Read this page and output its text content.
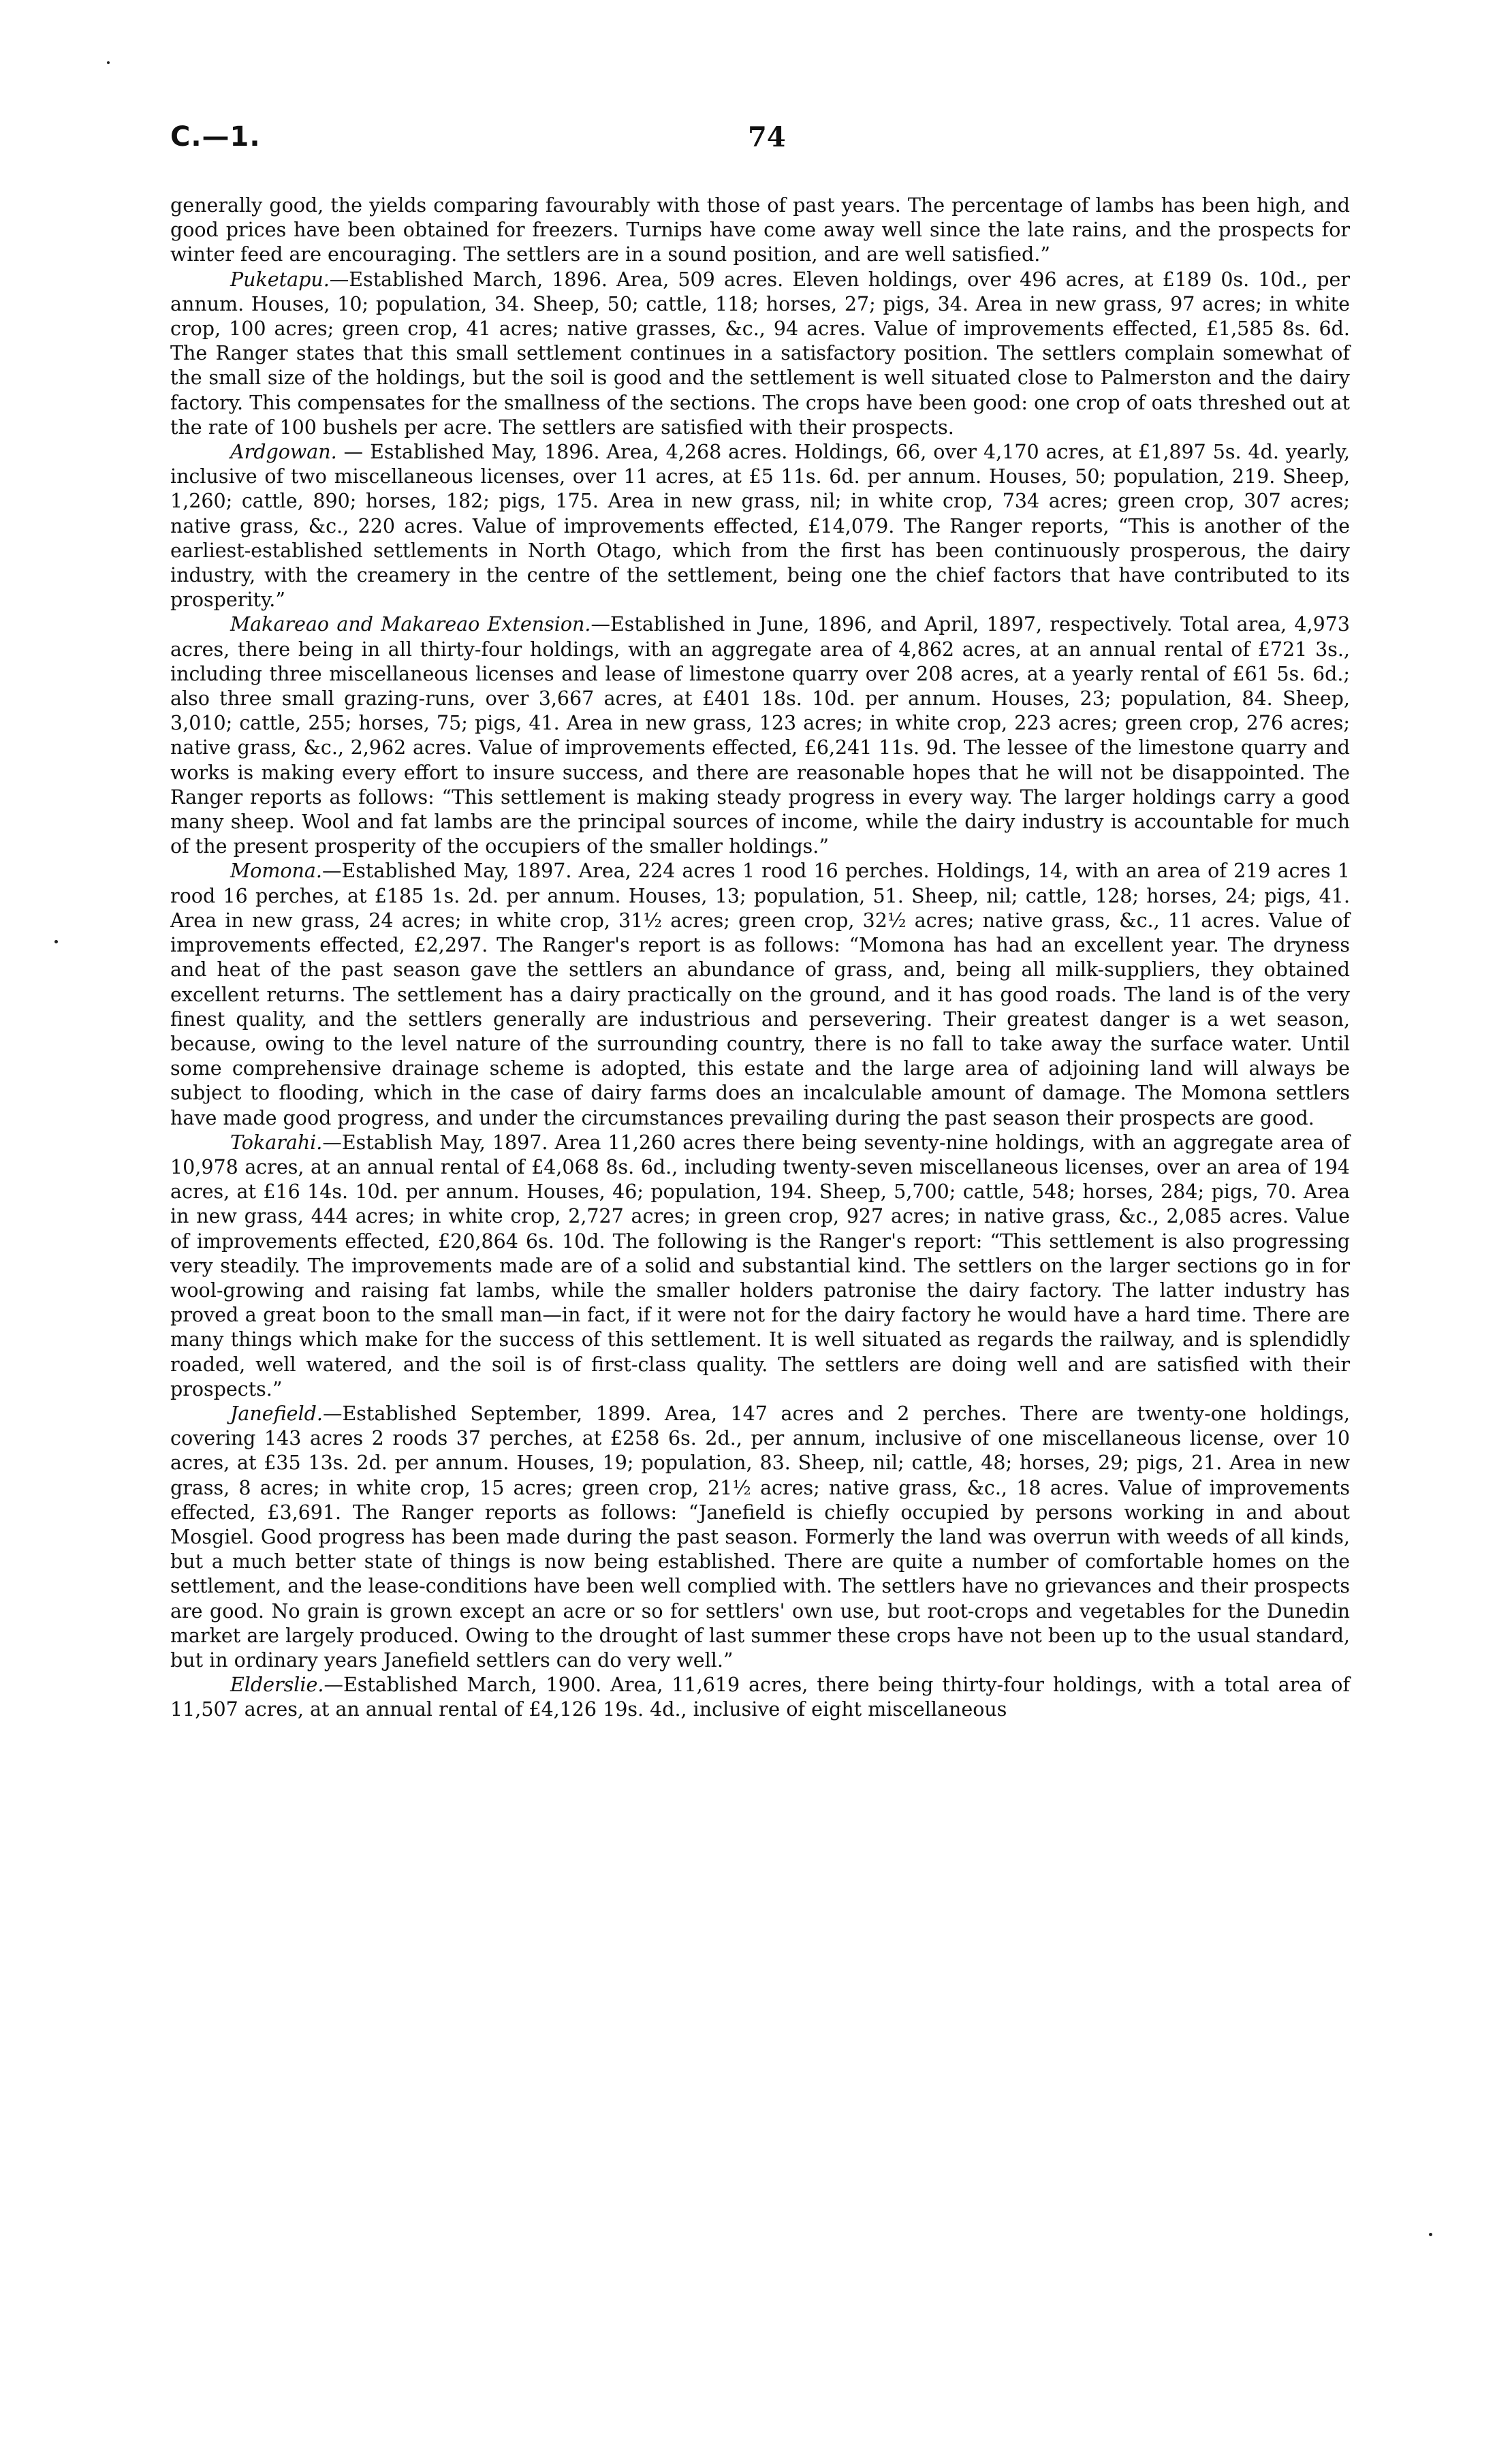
C.—1.	74

generally good, the yields comparing favourably with those of past years. The percentage of lambs has been high, and good prices have been obtained for freezers. Turnips have come away well since the late rains, and the prospects for winter feed are encouraging. The settlers are in a sound position, and are well satisfied.”

Puketapu.—Established March, 1896. Area, 509 acres. Eleven holdings, over 496 acres, at £189 0s. 10d., per annum. Houses, 10; population, 34. Sheep, 50; cattle, 118; horses, 27; pigs, 34. Area in new grass, 97 acres; in white crop, 100 acres; green crop, 41 acres; native grasses, &c., 94 acres. Value of improvements effected, £1,585 8s. 6d. The Ranger states that this small settlement continues in a satisfactory position. The settlers complain somewhat of the small size of the holdings, but the soil is good and the settlement is well situated close to Palmerston and the dairy factory. This compensates for the smallness of the sections. The crops have been good: one crop of oats threshed out at the rate of 100 bushels per acre. The settlers are satisfied with their prospects.

Ardgowan. — Established May, 1896. Area, 4,268 acres. Holdings, 66, over 4,170 acres, at £1,897 5s. 4d. yearly, inclusive of two miscellaneous licenses, over 11 acres, at £5 11s. 6d. per annum. Houses, 50; population, 219. Sheep, 1,260; cattle, 890; horses, 182; pigs, 175. Area in new grass, nil; in white crop, 734 acres; green crop, 307 acres; native grass, &c., 220 acres. Value of improvements effected, £14,079. The Ranger reports, “This is another of the earliest-established settlements in North Otago, which from the first has been continuously prosperous, the dairy industry, with the creamery in the centre of the settlement, being one the chief factors that have contributed to its prosperity.”

Makareao and Makareao Extension.—Established in June, 1896, and April, 1897, respectively. Total area, 4,973 acres, there being in all thirty-four holdings, with an aggregate area of 4,862 acres, at an annual rental of £721 3s., including three miscellaneous licenses and lease of limestone quarry over 208 acres, at a yearly rental of £61 5s. 6d.; also three small grazing-runs, over 3,667 acres, at £401 18s. 10d. per annum. Houses, 23; population, 84. Sheep, 3,010; cattle, 255; horses, 75; pigs, 41. Area in new grass, 123 acres; in white crop, 223 acres; green crop, 276 acres; native grass, &c., 2,962 acres. Value of improvements effected, £6,241 11s. 9d. The lessee of the limestone quarry and works is making every effort to insure success, and there are reasonable hopes that he will not be disappointed. The Ranger reports as follows: “This settlement is making steady progress in every way. The larger holdings carry a good many sheep. Wool and fat lambs are the principal sources of income, while the dairy industry is accountable for much of the present prosperity of the occupiers of the smaller holdings.”

Momona.—Established May, 1897. Area, 224 acres 1 rood 16 perches. Holdings, 14, with an area of 219 acres 1 rood 16 perches, at £185 1s. 2d. per annum. Houses, 13; population, 51. Sheep, nil; cattle, 128; horses, 24; pigs, 41. Area in new grass, 24 acres; in white crop, 31½ acres; green crop, 32½ acres; native grass, &c., 11 acres. Value of improvements effected, £2,297. The Ranger's report is as follows: “Momona has had an excellent year. The dryness and heat of the past season gave the settlers an abundance of grass, and, being all milk-suppliers, they obtained excellent returns. The settlement has a dairy practically on the ground, and it has good roads. The land is of the very finest quality, and the settlers generally are industrious and persevering. Their greatest danger is a wet season, because, owing to the level nature of the surrounding country, there is no fall to take away the surface water. Until some comprehensive drainage scheme is adopted, this estate and the large area of adjoining land will always be subject to flooding, which in the case of dairy farms does an incalculable amount of damage. The Momona settlers have made good progress, and under the circumstances prevailing during the past season their prospects are good.

Tokarahi.—Establish May, 1897. Area 11,260 acres there being seventy-nine holdings, with an aggregate area of 10,978 acres, at an annual rental of £4,068 8s. 6d., including twenty-seven miscellaneous licenses, over an area of 194 acres, at £16 14s. 10d. per annum. Houses, 46; population, 194. Sheep, 5,700; cattle, 548; horses, 284; pigs, 70. Area in new grass, 444 acres; in white crop, 2,727 acres; in green crop, 927 acres; in native grass, &c., 2,085 acres. Value of improvements effected, £20,864 6s. 10d. The following is the Ranger's report: “This settlement is also progressing very steadily. The improvements made are of a solid and substantial kind. The settlers on the larger sections go in for wool-growing and raising fat lambs, while the smaller holders patronise the dairy factory. The latter industry has proved a great boon to the small man—in fact, if it were not for the dairy factory he would have a hard time. There are many things which make for the success of this settlement. It is well situated as regards the railway, and is splendidly roaded, well watered, and the soil is of first-class quality. The settlers are doing well and are satisfied with their prospects.”

Janefield.—Established September, 1899. Area, 147 acres and 2 perches. There are twenty-one holdings, covering 143 acres 2 roods 37 perches, at £258 6s. 2d., per annum, inclusive of one miscellaneous license, over 10 acres, at £35 13s. 2d. per annum. Houses, 19; population, 83. Sheep, nil; cattle, 48; horses, 29; pigs, 21. Area in new grass, 8 acres; in white crop, 15 acres; green crop, 21½ acres; native grass, &c., 18 acres. Value of improvements effected, £3,691. The Ranger reports as follows: “Janefield is chiefly occupied by persons working in and about Mosgiel. Good progress has been made during the past season. Formerly the land was overrun with weeds of all kinds, but a much better state of things is now being established. There are quite a number of comfortable homes on the settlement, and the lease-conditions have been well complied with. The settlers have no grievances and their prospects are good. No grain is grown except an acre or so for settlers' own use, but root-crops and vegetables for the Dunedin market are largely produced. Owing to the drought of last summer these crops have not been up to the usual standard, but in ordinary years Janefield settlers can do very well.”

Elderslie.—Established March, 1900. Area, 11,619 acres, there being thirty-four holdings, with a total area of 11,507 acres, at an annual rental of £4,126 19s. 4d., inclusive of eight miscellaneous
